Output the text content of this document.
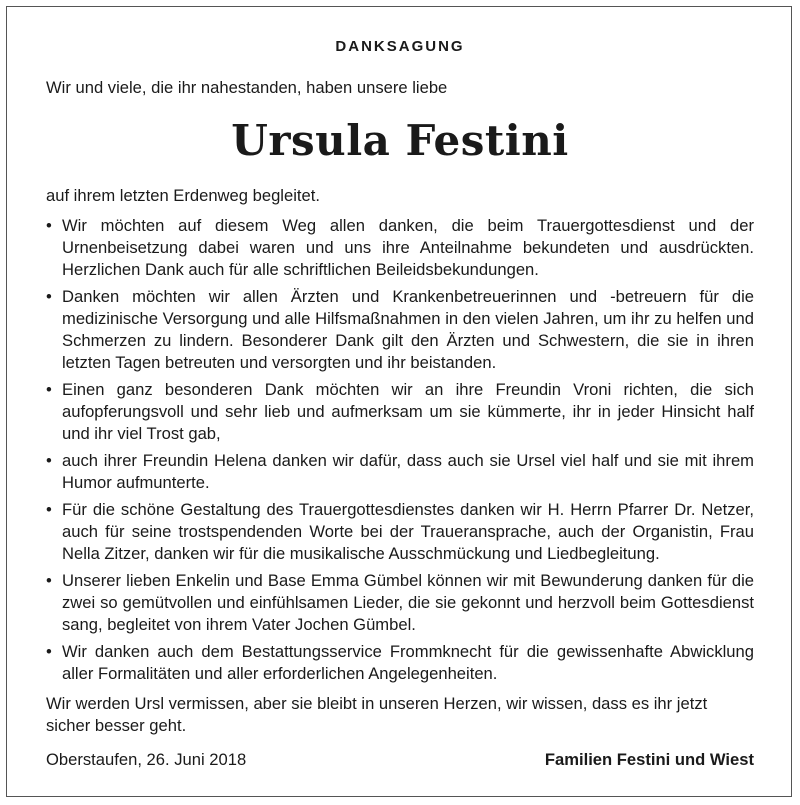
DANKSAGUNG

Wir und viele, die ihr nahestanden, haben unsere liebe

Ursula Festini

auf ihrem letzten Erdenweg begleitet.

• Wir möchten auf diesem Weg allen danken, die beim Trauergottesdienst und der Urnenbeisetzung dabei waren und uns ihre Anteilnahme bekundeten und ausdrückten. Herzlichen Dank auch für alle schriftlichen Beileidsbekundungen.
• Danken möchten wir allen Ärzten und Krankenbetreuerinnen und -betreuern für die medizinische Versorgung und alle Hilfsmaßnahmen in den vielen Jahren, um ihr zu helfen und Schmerzen zu lindern. Besonderer Dank gilt den Ärzten und Schwestern, die sie in ihren letzten Tagen betreuten und versorgten und ihr beistanden.
• Einen ganz besonderen Dank möchten wir an ihre Freundin Vroni richten, die sich aufopferungsvoll und sehr lieb und aufmerksam um sie kümmerte, ihr in jeder Hinsicht half und ihr viel Trost gab,
• auch ihrer Freundin Helena danken wir dafür, dass auch sie Ursel viel half und sie mit ihrem Humor aufmunterte.
• Für die schöne Gestaltung des Trauergottesdienstes danken wir H. Herrn Pfarrer Dr. Netzer, auch für seine trostspendenden Worte bei der Traueransprache, auch der Organistin, Frau Nella Zitzer, danken wir für die musikalische Ausschmückung und Liedbegleitung.
• Unserer lieben Enkelin und Base Emma Gümbel können wir mit Bewunderung danken für die zwei so gemütvollen und einfühlsamen Lieder, die sie gekonnt und herzvoll beim Gottesdienst sang, begleitet von ihrem Vater Jochen Gümbel.
• Wir danken auch dem Bestattungsservice Frommknecht für die gewissenhafte Abwicklung aller Formalitäten und aller erforderlichen Angelegenheiten.

Wir werden Ursl vermissen, aber sie bleibt in unseren Herzen, wir wissen, dass es ihr jetzt sicher besser geht.

Oberstaufen, 26. Juni 2018	Familien Festini und Wiest
